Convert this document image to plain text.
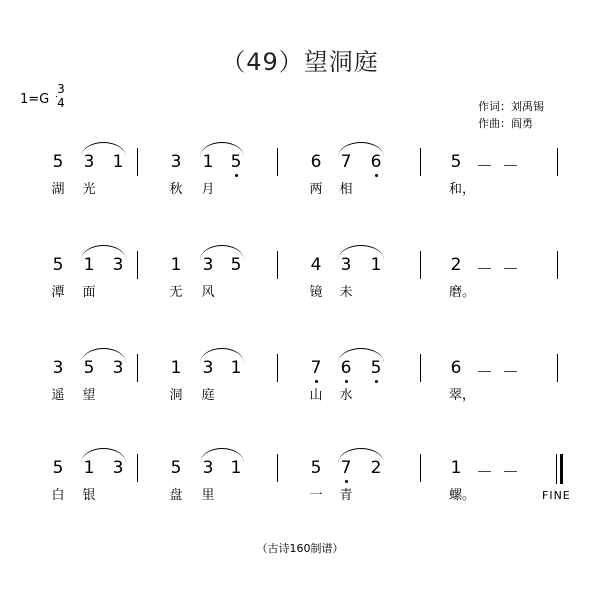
（49）望洞庭
1=G
3
4	作词：刘禹锡
作曲：阎勇
5 3 1	3 1 5	6 7 6	5 － －
湖	光	秋	月	两	相	和，
5 1 3	1 3 5	4 3 1	2 － －
潭	面	无	风	镜	未	磨。
3 5 3	1 3 1	7 6 5	6 － －
遥	望	洞	庭	山	水	翠，
5 1 3	5 3 1	5 7 2	1 － －
白	银	盘	里	一	青	螺。	FINE
（古诗160制谱）
